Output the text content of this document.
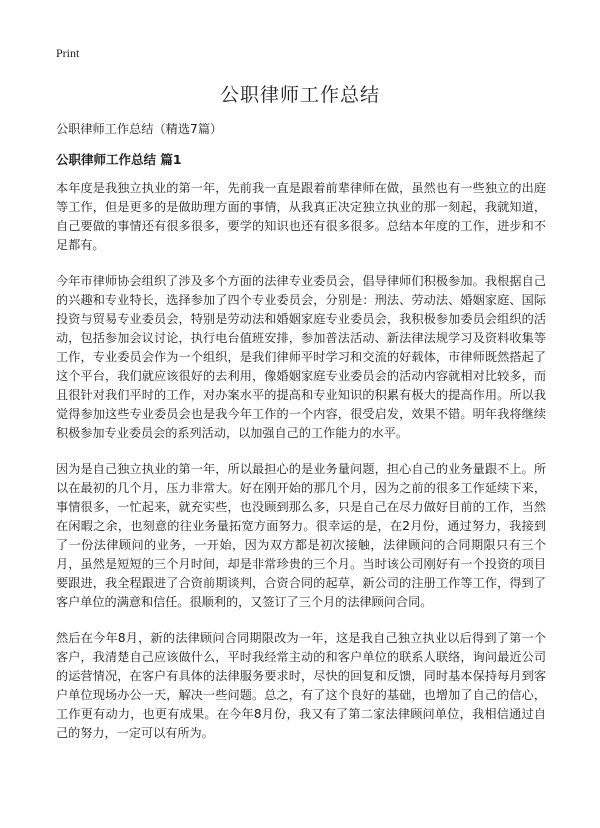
Print
公职律师工作总结

公职律师工作总结（精选7篇）

公职律师工作总结 篇1

本年度是我独立执业的第一年，先前我一直是跟着前辈律师在做，虽然也有一些独立的出庭等工作，但是更多的是做助理方面的事情，从我真正决定独立执业的那一刻起，我就知道，自己要做的事情还有很多很多，要学的知识也还有很多很多。总结本年度的工作，进步和不足都有。

今年市律师协会组织了涉及多个方面的法律专业委员会，倡导律师们积极参加。我根据自己的兴趣和专业特长，选择参加了四个专业委员会，分别是：刑法、劳动法、婚姻家庭、国际投资与贸易专业委员会，特别是劳动法和婚姻家庭专业委员会，我积极参加委员会组织的活动，包括参加会议讨论，执行电台值班安排，参加普法活动、新法律法规学习及资料收集等工作，专业委员会作为一个组织，是我们律师平时学习和交流的好载体，市律师既然搭起了这个平台，我们就应该很好的去利用，像婚姻家庭专业委员会的活动内容就相对比较多，而且很针对我们平时的工作，对办案水平的提高和专业知识的积累有极大的提高作用。所以我觉得参加这些专业委员会也是我今年工作的一个内容，很受启发，效果不错。明年我将继续积极参加专业委员会的系列活动，以加强自己的工作能力的水平。

因为是自己独立执业的第一年，所以最担心的是业务量问题，担心自己的业务量跟不上。所以在最初的几个月，压力非常大。好在刚开始的那几个月，因为之前的很多工作延续下来，事情很多，一忙起来，就充实些，也没顾到那么多，只是自己在尽力做好目前的工作，当然在闲暇之余，也刻意的往业务量拓宽方面努力。很幸运的是，在2月份，通过努力，我接到了一份法律顾问的业务，一开始，因为双方都是初次接触，法律顾问的合同期限只有三个月，虽然是短短的三个月时间，却是非常珍贵的三个月。当时该公司刚好有一个投资的项目要跟进，我全程跟进了合资前期谈判，合资合同的起草，新公司的注册工作等工作，得到了客户单位的满意和信任。很顺利的，又签订了三个月的法律顾问合同。

然后在今年8月，新的法律顾问合同期限改为一年，这是我自己独立执业以后得到了第一个客户，我清楚自己应该做什么，平时我经常主动的和客户单位的联系人联络，询问最近公司的运营情况，在客户有具体的法律服务要求时，尽快的回复和反馈，同时基本保持每月到客户单位现场办公一天，解决一些问题。总之，有了这个良好的基础，也增加了自己的信心，工作更有动力，也更有成果。在今年8月份，我又有了第二家法律顾问单位，我相信通过自己的努力，一定可以有所为。
